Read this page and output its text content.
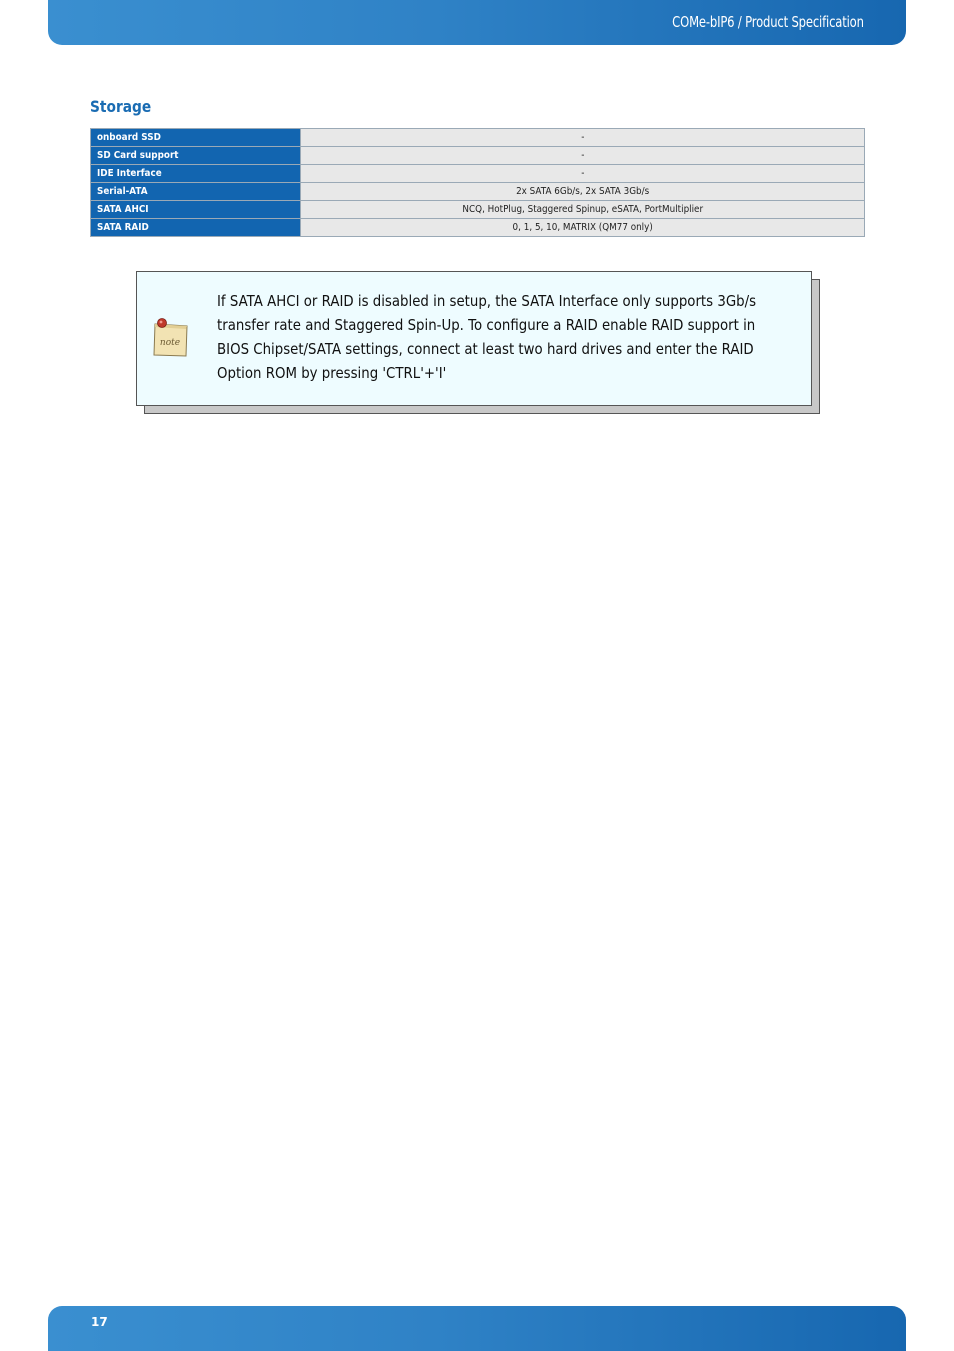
COMe-bIP6 / Product Specification
Storage
onboard SSD	-
SD Card support	-
IDE Interface	-
Serial-ATA	2x SATA 6Gb/s, 2x SATA 3Gb/s
SATA AHCI	NCQ, HotPlug, Staggered Spinup, eSATA, PortMultiplier
SATA RAID	0, 1, 5, 10, MATRIX (QM77 only)
note
If SATA AHCI or RAID is disabled in setup, the SATA Interface only supports 3Gb/s transfer rate and Staggered Spin-Up. To configure a RAID enable RAID support in BIOS Chipset/SATA settings, connect at least two hard drives and enter the RAID Option ROM by pressing 'CTRL'+'I'
17
